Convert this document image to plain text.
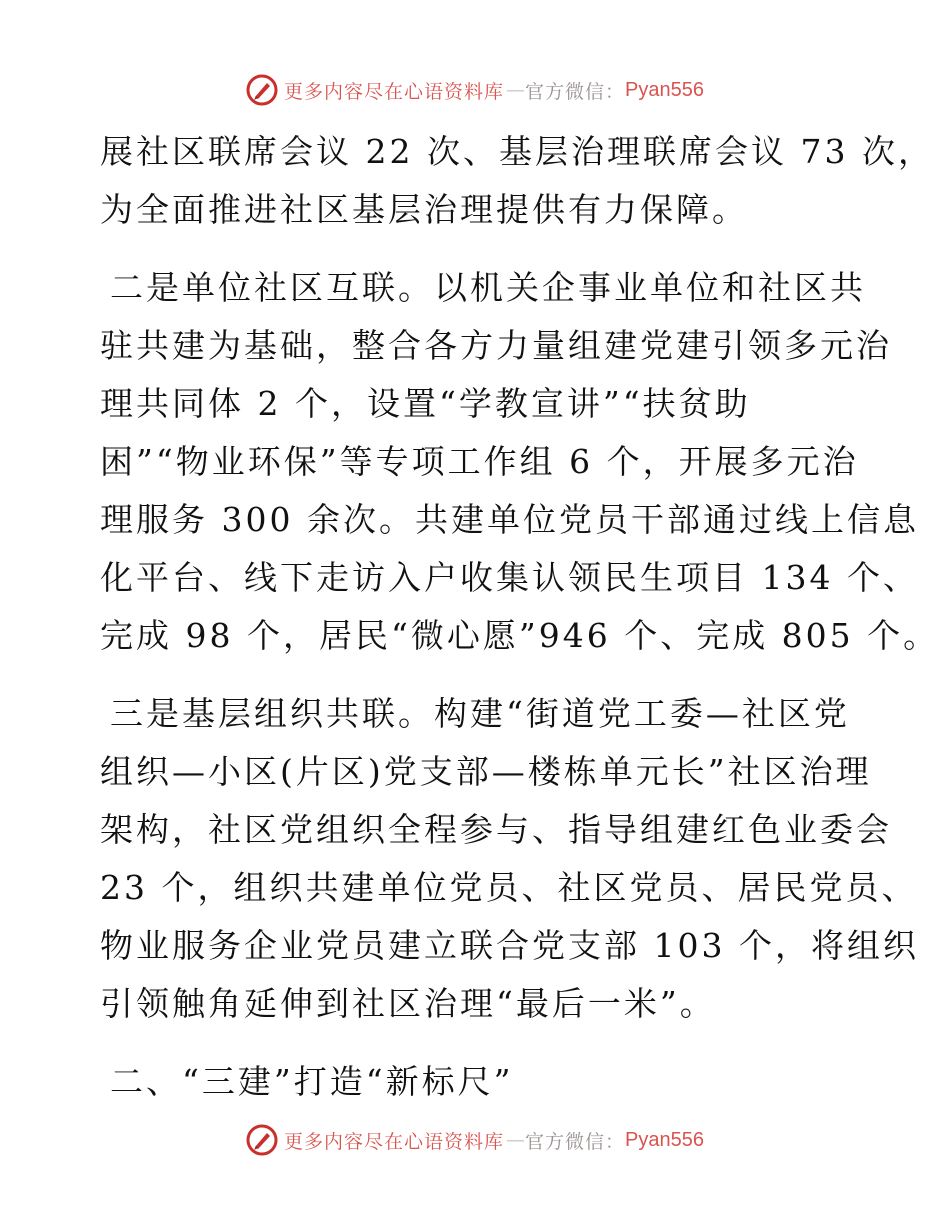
更多内容尽在心语资料库 — 官方微信： Pyan556
展社区联席会议 22 次、基层治理联席会议 73 次，
为全面推进社区基层治理提供有力保障。
二是单位社区互联。以机关企事业单位和社区共
驻共建为基础，整合各方力量组建党建引领多元治
理共同体 2 个，设置“学教宣讲”“扶贫助
困”“物业环保”等专项工作组 6 个，开展多元治
理服务 300 余次。共建单位党员干部通过线上信息
化平台、线下走访入户收集认领民生项目 134 个、
完成 98 个，居民“微心愿”946 个、完成 805 个。
三是基层组织共联。构建“街道党工委—社区党
组织—小区(片区)党支部—楼栋单元长”社区治理
架构，社区党组织全程参与、指导组建红色业委会
23 个，组织共建单位党员、社区党员、居民党员、
物业服务企业党员建立联合党支部 103 个，将组织
引领触角延伸到社区治理“最后一米”。
二、“三建”打造“新标尺”
更多内容尽在心语资料库 — 官方微信： Pyan556
